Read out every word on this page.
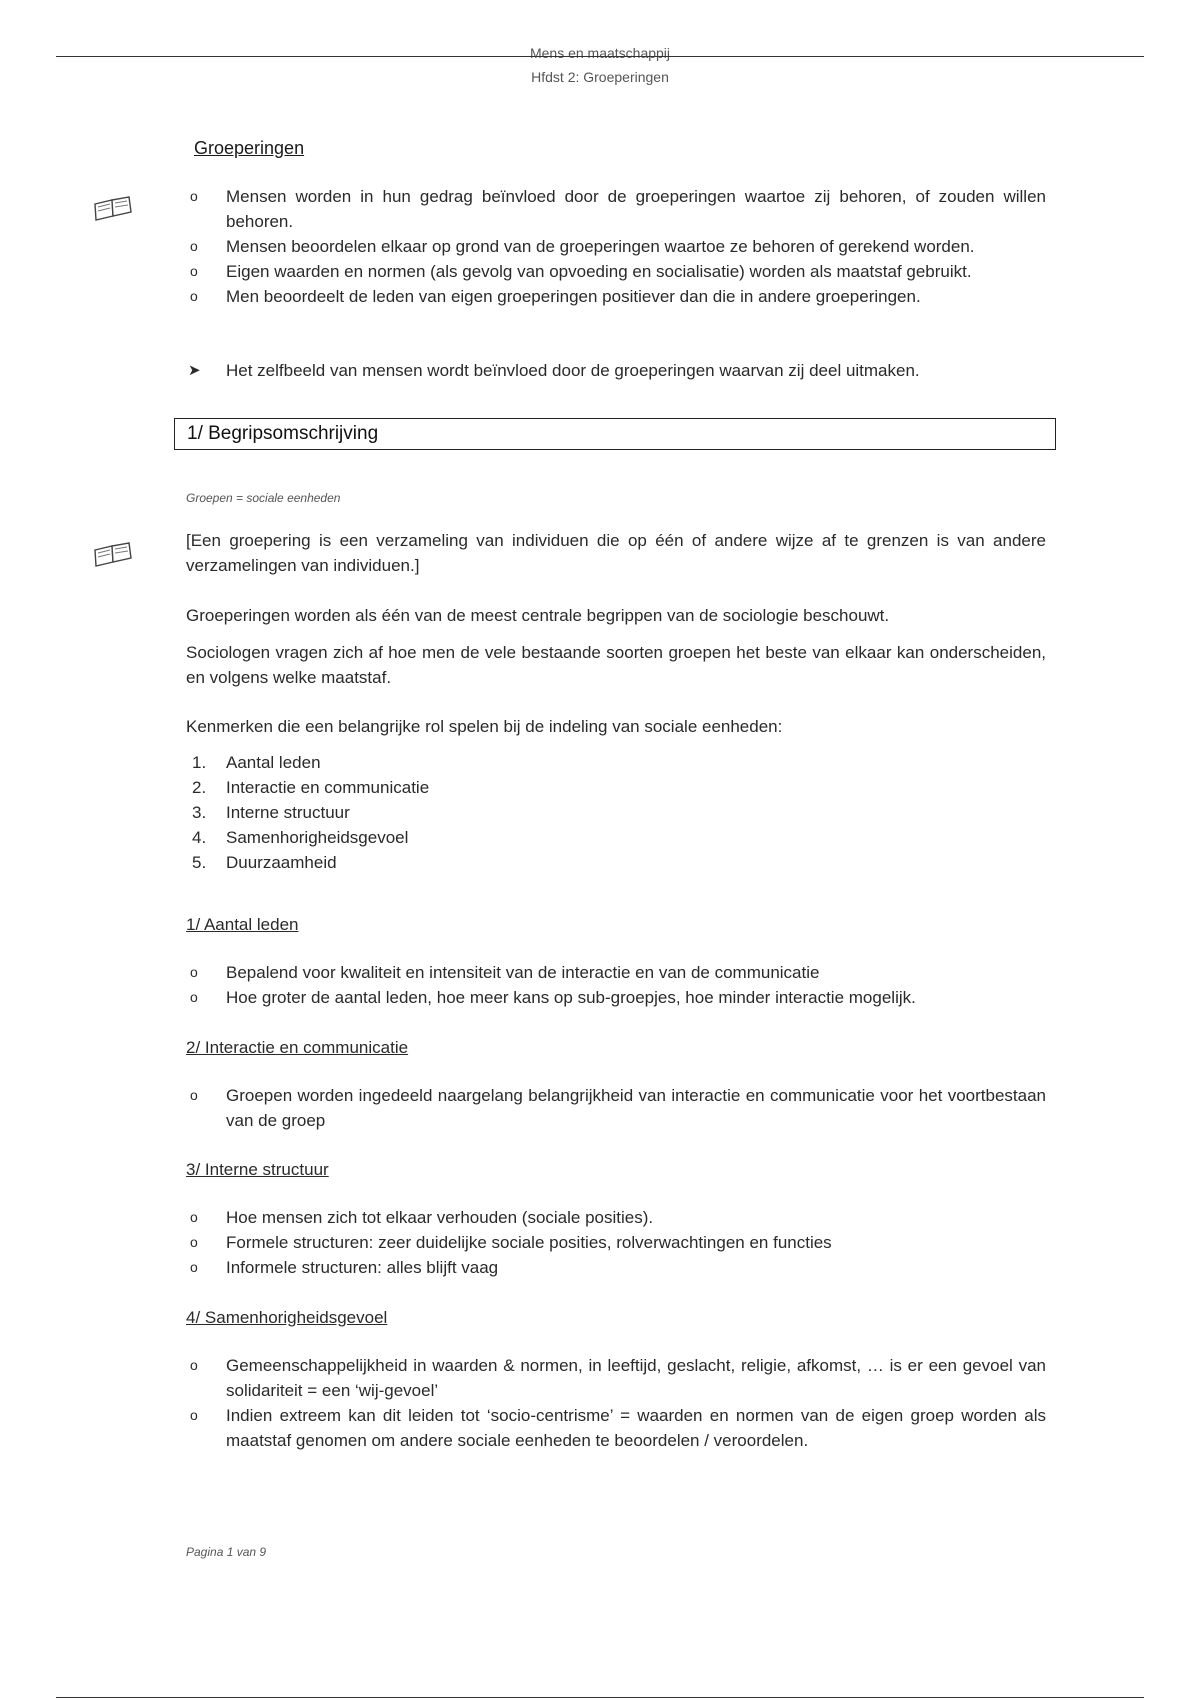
Mens en maatschappij
Hfdst 2: Groeperingen
Groeperingen
o Mensen worden in hun gedrag beïnvloed door de groeperingen waartoe zij behoren, of zouden willen behoren.
o Mensen beoordelen elkaar op grond van de groeperingen waartoe ze behoren of gerekend worden.
o Eigen waarden en normen (als gevolg van opvoeding en socialisatie) worden als maatstaf gebruikt.
o Men beoordeelt de leden van eigen groeperingen positiever dan die in andere groeperingen.
➤ Het zelfbeeld van mensen wordt beïnvloed door de groeperingen waarvan zij deel uitmaken.
1/ Begripsomschrijving
Groepen = sociale eenheden

[Een groepering is een verzameling van individuen die op één of andere wijze af te grenzen is van andere verzamelingen van individuen.]

Groeperingen worden als één van de meest centrale begrippen van de sociologie beschouwt.

Sociologen vragen zich af hoe men de vele bestaande soorten groepen het beste van elkaar kan onderscheiden, en volgens welke maatstaf.

Kenmerken die een belangrijke rol spelen bij de indeling van sociale eenheden:

1. Aantal leden
2. Interactie en communicatie
3. Interne structuur
4. Samenhorigheidsgevoel
5. Duurzaamheid
1/ Aantal leden
o Bepalend voor kwaliteit en intensiteit van de interactie en van de communicatie
o Hoe groter de aantal leden, hoe meer kans op sub-groepjes, hoe minder interactie mogelijk.
2/ Interactie en communicatie
o Groepen worden ingedeeld naargelang belangrijkheid van interactie en communicatie voor het voortbestaan van de groep
3/ Interne structuur
o Hoe mensen zich tot elkaar verhouden (sociale posities).
o Formele structuren: zeer duidelijke sociale posities, rolverwachtingen en functies
o Informele structuren: alles blijft vaag
4/ Samenhorigheidsgevoel
o Gemeenschappelijkheid in waarden & normen, in leeftijd, geslacht, religie, afkomst, … is er een gevoel van solidariteit = een ‘wij-gevoel’
o Indien extreem kan dit leiden tot ‘socio-centrisme’ = waarden en normen van de eigen groep worden als maatstaf genomen om andere sociale eenheden te beoordelen / veroordelen.
Pagina 1 van 9
